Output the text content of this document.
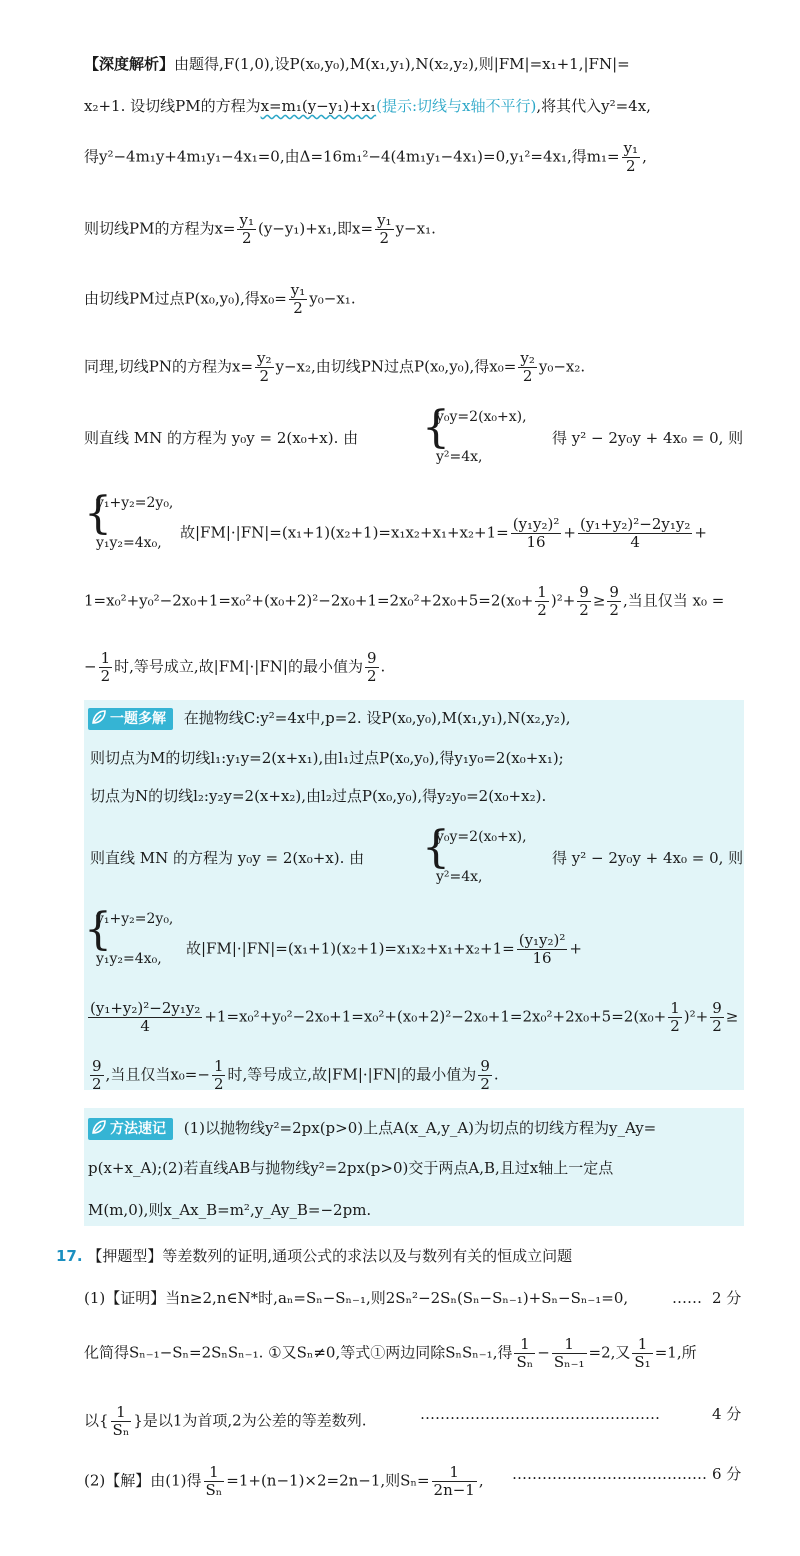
【深度解析】由题得,F(1,0),设P(x₀,y₀),M(x₁,y₁),N(x₂,y₂),则|FM|=x₁+1,|FN|=
x₂+1. 设切线PM的方程为x=m₁(y−y₁)+x₁(提示:切线与x轴不平行),将其代入y²=4x,
得y²−4m₁y+4m₁y₁−4x₁=0,由Δ=16m₁²−4(4m₁y₁−4x₁)=0,y₁²=4x₁,得$m_1= \frac{\text{y₁}}{2}$ ,
则切线PM的方程为$x= \frac{\text{y₁}}{2} (y-y_1)+x_1$,即$x= \frac{\text{y₁}}{2} y-x_1$.
由切线PM过点P(x₀,y₀),得$x_0= \frac{\text{y₁}}{2} y_0-x_1$.
同理,切线PN的方程为$x= \frac{\text{y₂}}{2} y-x_2$,由切线PN过点P(x₀,y₀),得$x_0= \frac{\text{y₂}}{2} y_0-x_2$.
则直线 MN 的方程为 y₀y = 2(x₀+x). 由 {
y₀y=2(x₀+x),
y²=4x,
得 y² − 2y₀y + 4x₀ = 0, 则
{
y₁+y₂=2y₀,
y₁y₂=4x₀,
故$|FM|\cdot|FN|=(x_1+1)(x_2+1)=x_1x_2+x_1+x_2+1= \frac{\text{(y₁y₂)²}}{16} + \frac{\text{(y₁+y₂)²−2y₁y₂}}{4}$ +
$1=x_0^2+y_0^2-2x_0+1=x_0^2+(x_0+2)^2-2x_0+1=2x_0^2+2x_0+5=2(x_0+ \frac{1}{2} )^2+ \frac{9}{2} \ge \frac{9}{2}$ ,当且仅当 x₀ =
− $\frac{1}{2}$ 时,等号成立,故|FM|·|FN|的最小值为 $\frac{9}{2}$ .
一题多解 在抛物线C:y²=4x中,p=2. 设P(x₀,y₀),M(x₁,y₁),N(x₂,y₂),
则切点为M的切线l₁:y₁y=2(x+x₁),由l₁过点P(x₀,y₀),得y₁y₀=2(x₀+x₁);
切点为N的切线l₂:y₂y=2(x+x₂),由l₂过点P(x₀,y₀),得y₂y₀=2(x₀+x₂).
则直线 MN 的方程为 y₀y = 2(x₀+x). 由 {
y₀y=2(x₀+x),
y²=4x,
得 y² − 2y₀y + 4x₀ = 0, 则
{
y₁+y₂=2y₀,
y₁y₂=4x₀,
故$|FM|\cdot|FN|=(x_1+1)(x_2+1)=x_1x_2+x_1+x_2+1= \frac{\text{(y₁y₂)²}}{16}$ +
$\frac{\text{(y₁+y₂)²−2y₁y₂}}{4} +1=x_0^2+y_0^2-2x_0+1=x_0^2+(x_0+2)^2-2x_0+1=2x_0^2+2x_0+5=2(x_0+ \frac{1}{2} )^2+ \frac{9}{2}$ ≥
$\frac{9}{2}$ ,当且仅当$x_0=- \frac{1}{2}$ 时,等号成立,故|FM|·|FN|的最小值为 $\frac{9}{2}$ .
方法速记 (1)以抛物线y²=2px(p>0)上点A(x_A,y_A)为切点的切线方程为y_Ay=
p(x+x_A);(2)若直线AB与抛物线y²=2px(p>0)交于两点A,B,且过x轴上一定点
M(m,0),则x_Ax_B=m²,y_Ay_B=−2pm.
17. 【押题型】等差数列的证明,通项公式的求法以及与数列有关的恒成立问题
(1)【证明】当n≥2,n∈N*时,aₙ=Sₙ−Sₙ₋₁,则2Sₙ²−2Sₙ(Sₙ−Sₙ₋₁)+Sₙ−Sₙ₋₁=0,	…… 2 分
化简得Sₙ₋₁−Sₙ=2SₙSₙ₋₁. ①又Sₙ≠0,等式①两边同除SₙSₙ₋₁,得 $\frac{1}{\text{Sₙ}} - \frac{1}{\text{Sₙ₋₁}} =2$,又 $\frac{1}{\text{S₁}} =1$,所
以{ $\frac{1}{\text{Sₙ}}$ }是以1为首项,2为公差的等差数列.	…………………………………………	4 分
(2)【解】由(1)得 $\frac{1}{\text{Sₙ}} =1+(n-1)\times 2=2n-1$,则$S_n= \frac{1}{2n-1}$ , ………………………………… 6 分
